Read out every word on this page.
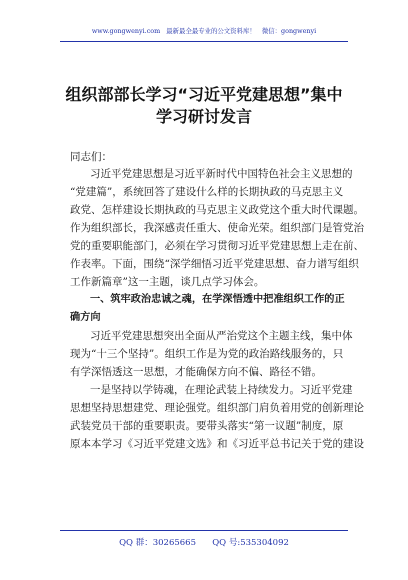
www.gongwenyi.com   最新最全最专业的公文资料库！   微信：gongwenyi
组织部部长学习“习近平党建思想”集中
学习研讨发言
同志们：
习近平党建思想是习近平新时代中国特色社会主义思想的
“党建篇”，系统回答了建设什么样的长期执政的马克思主义
政党、怎样建设长期执政的马克思主义政党这个重大时代课题。
作为组织部长，我深感责任重大、使命光荣。组织部门是管党治
党的重要职能部门，必须在学习贯彻习近平党建思想上走在前、
作表率。下面，围绕“深学细悟习近平党建思想、奋力谱写组织
工作新篇章”这一主题，谈几点学习体会。
一、筑牢政治忠诚之魂，在学深悟透中把准组织工作的正
确方向
习近平党建思想突出全面从严治党这个主题主线，集中体
现为“十三个坚持”。组织工作是为党的政治路线服务的，只
有学深悟透这一思想，才能确保方向不偏、路径不错。
一是坚持以学铸魂，在理论武装上持续发力。习近平党建
思想坚持思想建党、理论强党。组织部门肩负着用党的创新理论
武装党员干部的重要职责。要带头落实“第一议题”制度，原
原本本学习《习近平党建文选》和《习近平总书记关于党的建设
QQ 群：30265665      QQ 号:535304092
